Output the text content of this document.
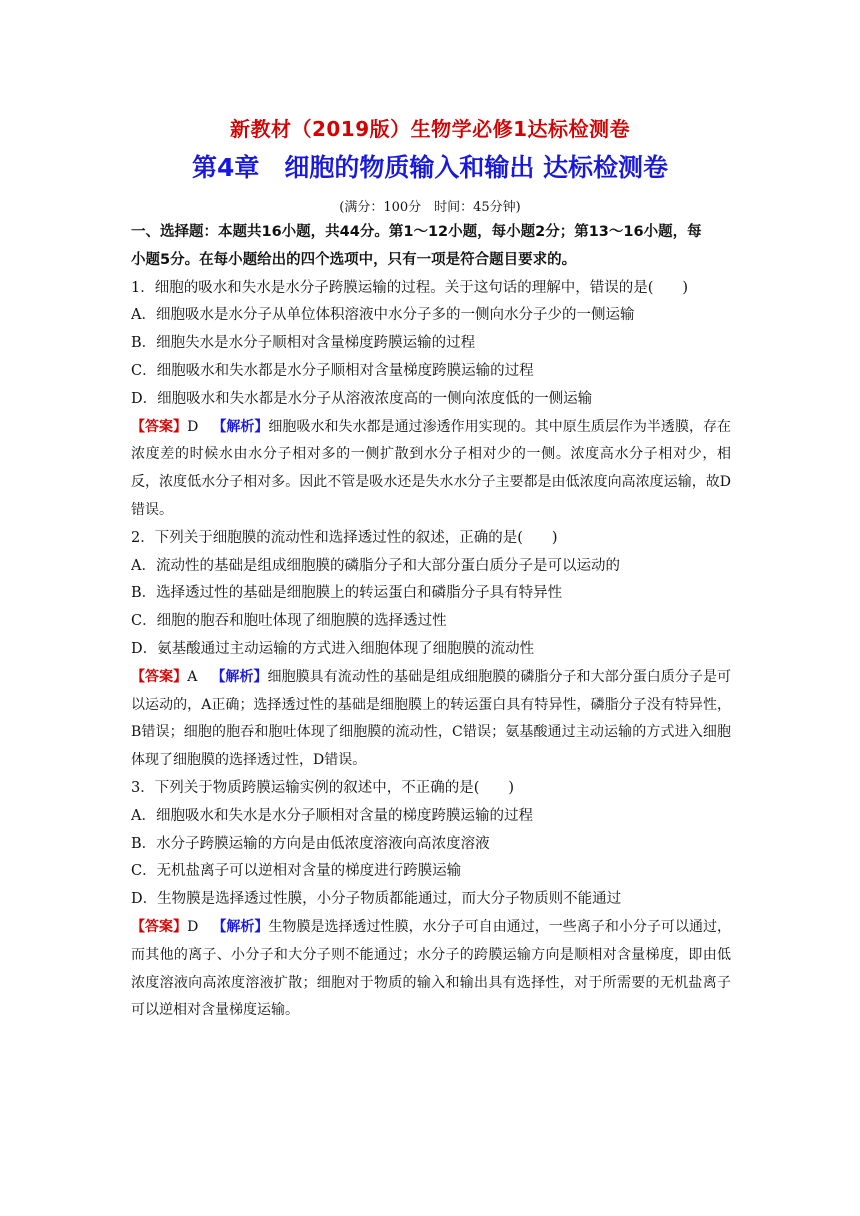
新教材（2019版）生物学必修1达标检测卷
第4章　细胞的物质输入和输出 达标检测卷
(满分：100分　时间：45分钟)
一、选择题：本题共16小题，共44分。第1～12小题，每小题2分；第13～16小题，每
小题5分。在每小题给出的四个选项中，只有一项是符合题目要求的。
1．细胞的吸水和失水是水分子跨膜运输的过程。关于这句话的理解中，错误的是(　　)
A．细胞吸水是水分子从单位体积溶液中水分子多的一侧向水分子少的一侧运输
B．细胞失水是水分子顺相对含量梯度跨膜运输的过程
C．细胞吸水和失水都是水分子顺相对含量梯度跨膜运输的过程
D．细胞吸水和失水都是水分子从溶液浓度高的一侧向浓度低的一侧运输
【答案】D 【解析】细胞吸水和失水都是通过渗透作用实现的。其中原生质层作为半透膜，存在浓度差的时候水由水分子相对多的一侧扩散到水分子相对少的一侧。浓度高水分子相对少，相反，浓度低水分子相对多。因此不管是吸水还是失水水分子主要都是由低浓度向高浓度运输，故D错误。
2．下列关于细胞膜的流动性和选择透过性的叙述，正确的是(　　)
A．流动性的基础是组成细胞膜的磷脂分子和大部分蛋白质分子是可以运动的
B．选择透过性的基础是细胞膜上的转运蛋白和磷脂分子具有特异性
C．细胞的胞吞和胞吐体现了细胞膜的选择透过性
D．氨基酸通过主动运输的方式进入细胞体现了细胞膜的流动性
【答案】A 【解析】细胞膜具有流动性的基础是组成细胞膜的磷脂分子和大部分蛋白质分子是可以运动的，A正确；选择透过性的基础是细胞膜上的转运蛋白具有特异性，磷脂分子没有特异性，B错误；细胞的胞吞和胞吐体现了细胞膜的流动性，C错误；氨基酸通过主动运输的方式进入细胞体现了细胞膜的选择透过性，D错误。
3．下列关于物质跨膜运输实例的叙述中，不正确的是(　　)
A．细胞吸水和失水是水分子顺相对含量的梯度跨膜运输的过程
B．水分子跨膜运输的方向是由低浓度溶液向高浓度溶液
C．无机盐离子可以逆相对含量的梯度进行跨膜运输
D．生物膜是选择透过性膜，小分子物质都能通过，而大分子物质则不能通过
【答案】D 【解析】生物膜是选择透过性膜，水分子可自由通过，一些离子和小分子可以通过，而其他的离子、小分子和大分子则不能通过；水分子的跨膜运输方向是顺相对含量梯度，即由低浓度溶液向高浓度溶液扩散；细胞对于物质的输入和输出具有选择性，对于所需要的无机盐离子可以逆相对含量梯度运输。
